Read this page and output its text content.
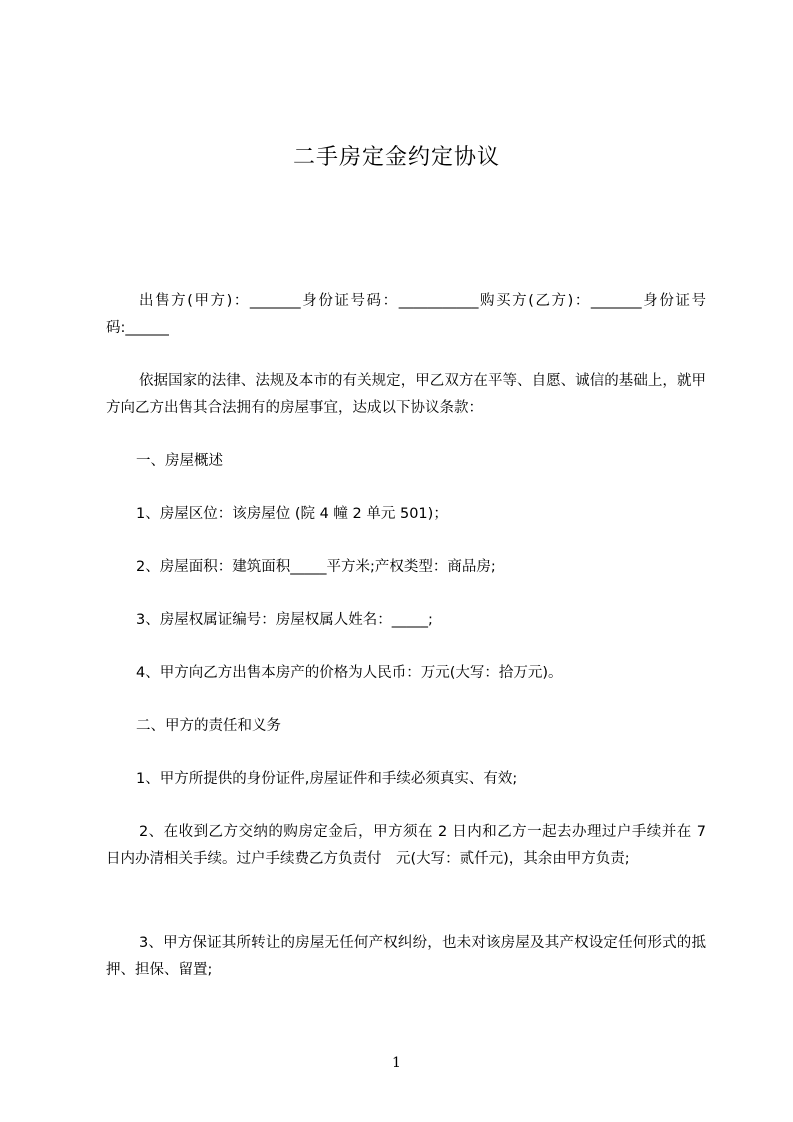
二手房定金约定协议
出售方(甲方)：_______身份证号码：___________购买方(乙方)：_______身份证号码:______
依据国家的法律、法规及本市的有关规定，甲乙双方在平等、自愿、诚信的基础上，就甲方向乙方出售其合法拥有的房屋事宜，达成以下协议条款：
一、房屋概述
1、房屋区位：该房屋位 (院 4 幢 2 单元 501)；
2、房屋面积：建筑面积_____平方米;产权类型：商品房;
3、房屋权属证编号：房屋权属人姓名：_____;
4、甲方向乙方出售本房产的价格为人民币：万元(大写：拾万元)。
二、甲方的责任和义务
1、甲方所提供的身份证件,房屋证件和手续必须真实、有效;
2、在收到乙方交纳的购房定金后，甲方须在 2 日内和乙方一起去办理过户手续并在 7 日内办清相关手续。过户手续费乙方负责付　元(大写：贰仟元)，其余由甲方负责;
3、甲方保证其所转让的房屋无任何产权纠纷，也未对该房屋及其产权设定任何形式的抵押、担保、留置;
1
